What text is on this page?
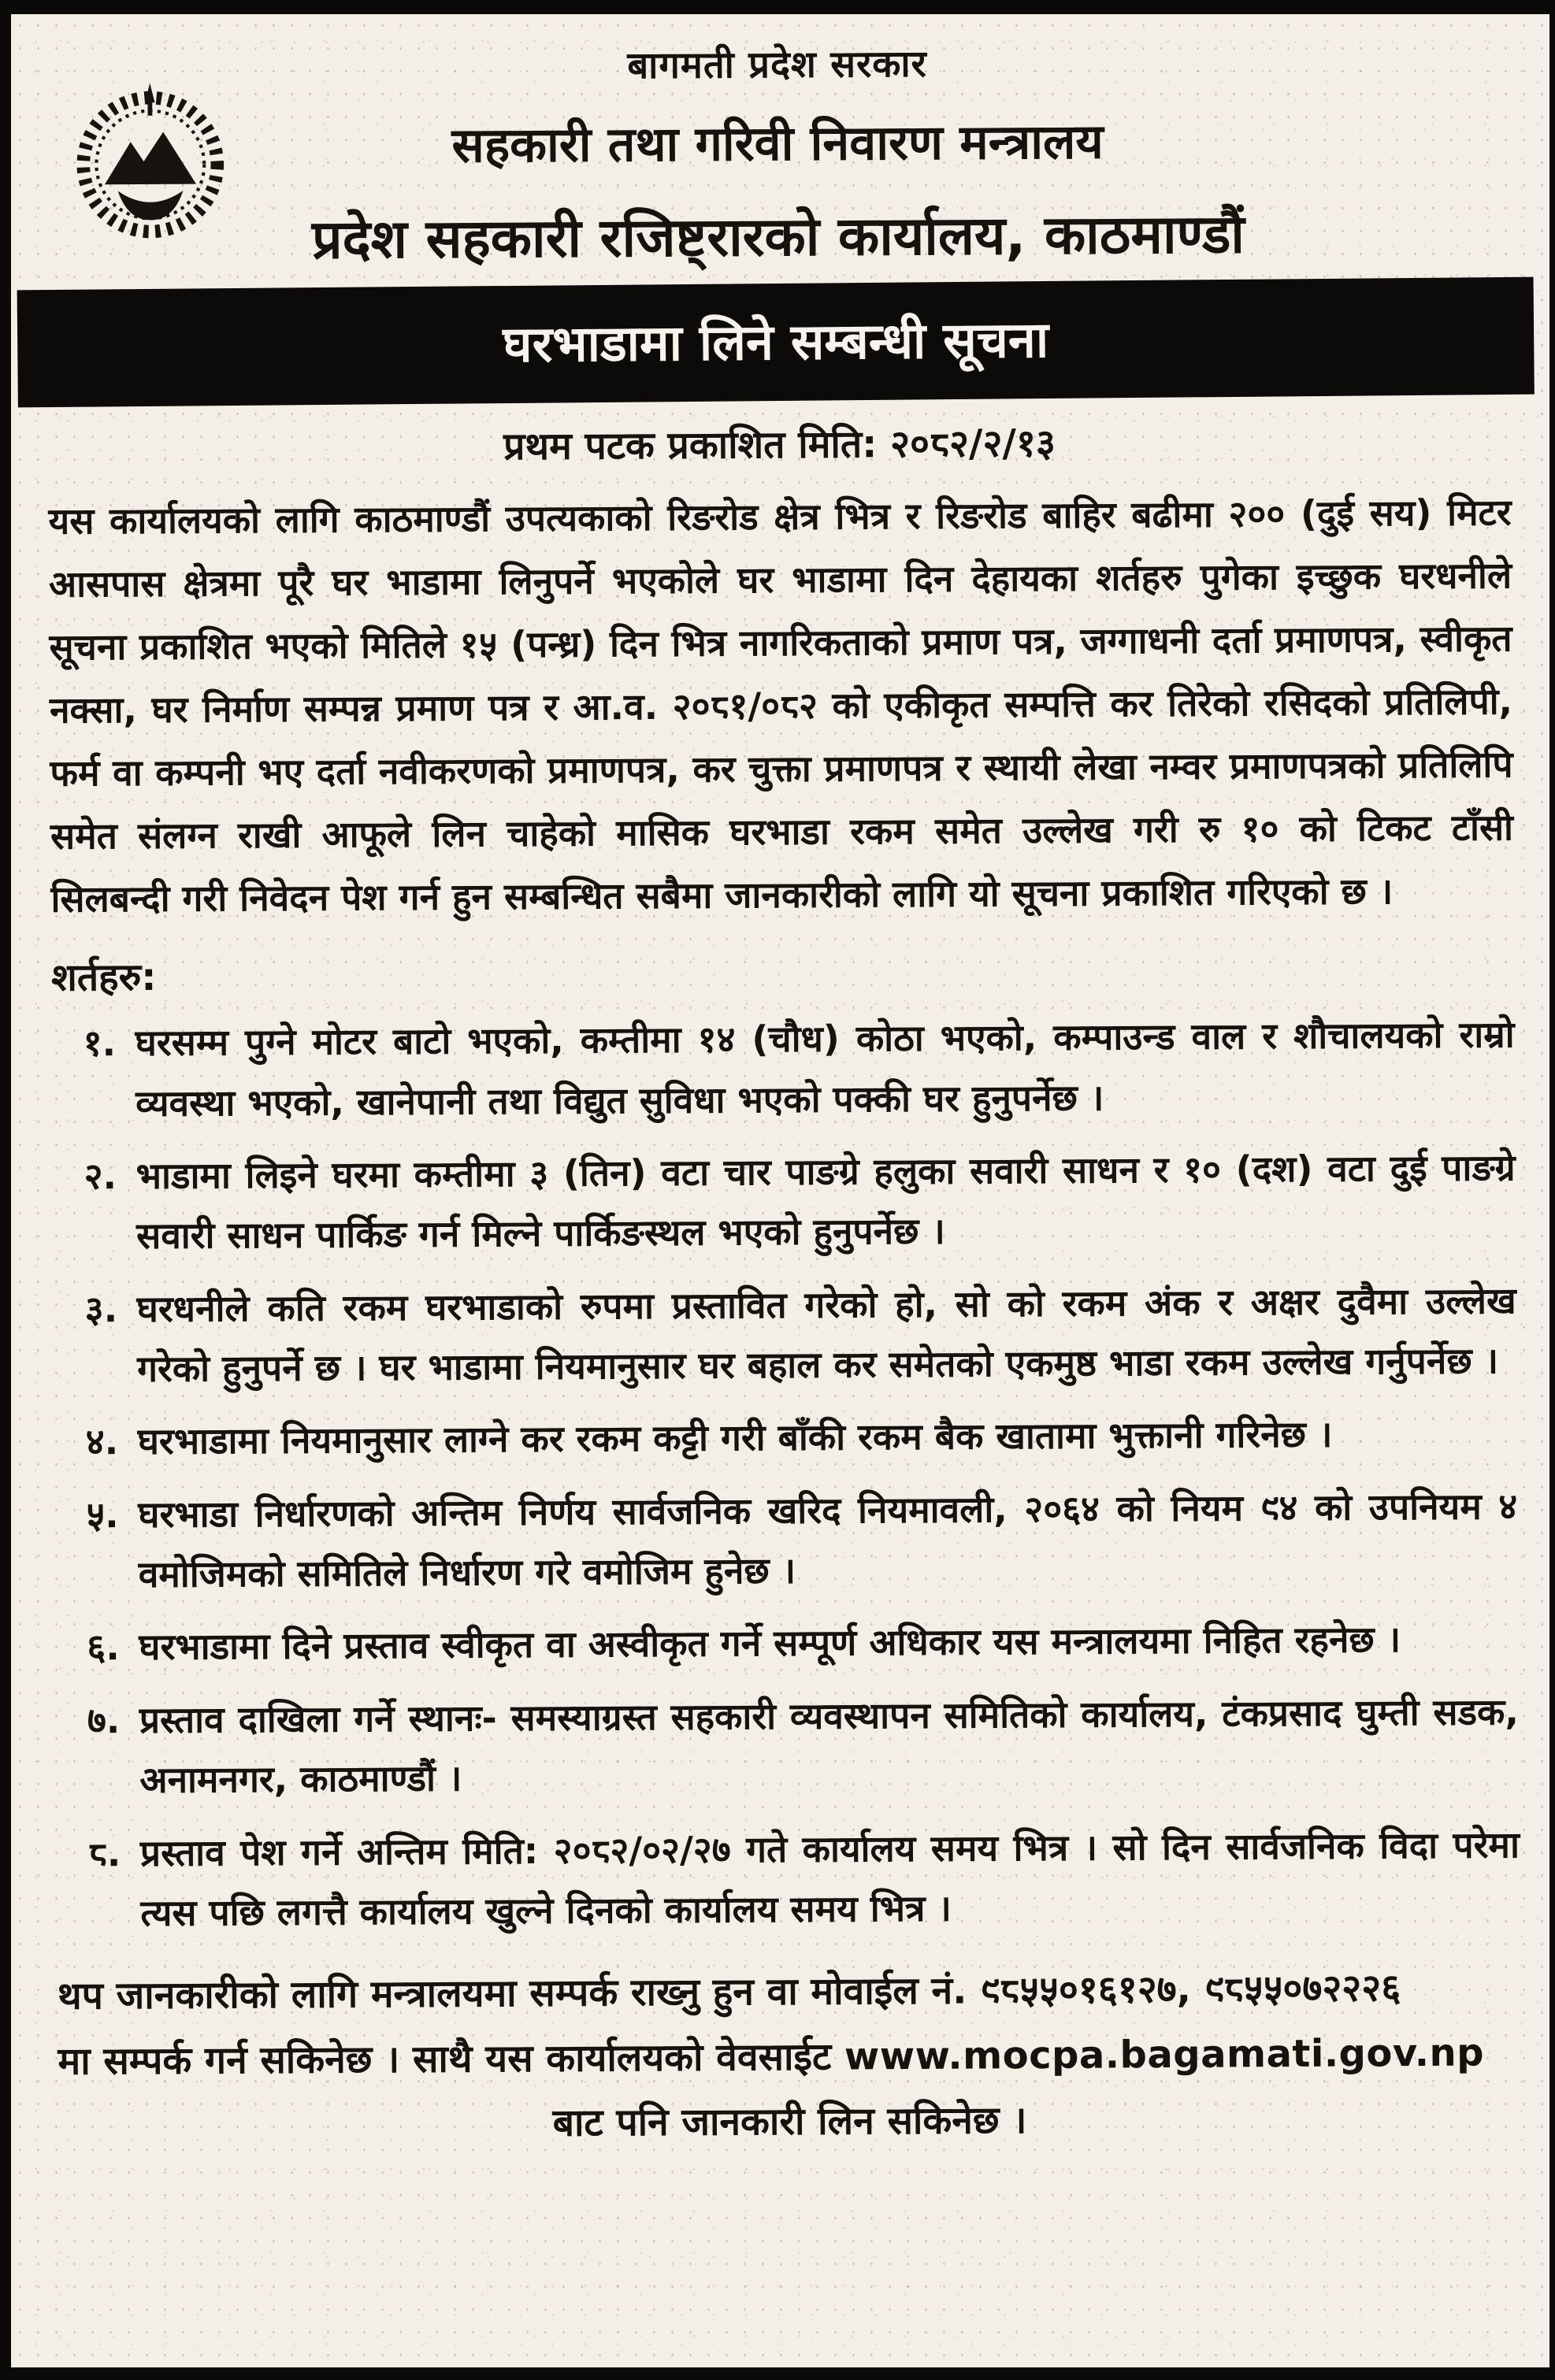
बागमती प्रदेश सरकार
सहकारी तथा गरिवी निवारण मन्त्रालय
प्रदेश सहकारी रजिष्ट्रारको कार्यालय, काठमाण्डौं
घरभाडामा लिने सम्बन्धी सूचना
प्रथम पटक प्रकाशित मिति: २०८२/२/१३
यस कार्यालयको लागि काठमाण्डौं उपत्यकाको रिङरोड क्षेत्र भित्र र रिङरोड बाहिर बढीमा २०० (दुई सय) मिटर आसपास क्षेत्रमा पूरै घर भाडामा लिनुपर्ने भएकोले घर भाडामा दिन देहायका शर्तहरु पुगेका इच्छुक घरधनीले सूचना प्रकाशित भएको मितिले १५ (पन्ध्र) दिन भित्र नागरिकताको प्रमाण पत्र, जग्गाधनी दर्ता प्रमाणपत्र, स्वीकृत नक्सा, घर निर्माण सम्पन्न प्रमाण पत्र र आ.व. २०८१/०८२ को एकीकृत सम्पत्ति कर तिरेको रसिदको प्रतिलिपी, फर्म वा कम्पनी भए दर्ता नवीकरणको प्रमाणपत्र, कर चुक्ता प्रमाणपत्र र स्थायी लेखा नम्वर प्रमाणपत्रको प्रतिलिपि समेत संलग्न राखी आफूले लिन चाहेको मासिक घरभाडा रकम समेत उल्लेख गरी रु १० को टिकट टाँसी सिलबन्दी गरी निवेदन पेश गर्न हुन सम्बन्धित सबैमा जानकारीको लागि यो सूचना प्रकाशित गरिएको छ ।
शर्तहरु:
१. घरसम्म पुग्ने मोटर बाटो भएको, कम्तीमा १४ (चौध) कोठा भएको, कम्पाउन्ड वाल र शौचालयको राम्रो व्यवस्था भएको, खानेपानी तथा विद्युत सुविधा भएको पक्की घर हुनुपर्नेछ ।
२. भाडामा लिइने घरमा कम्तीमा ३ (तिन) वटा चार पाङग्रे हलुका सवारी साधन र १० (दश) वटा दुई पाङग्रे सवारी साधन पार्किङ गर्न मिल्ने पार्किङस्थल भएको हुनुपर्नेछ ।
३. घरधनीले कति रकम घरभाडाको रुपमा प्रस्तावित गरेको हो, सो को रकम अंक र अक्षर दुवैमा उल्लेख गरेको हुनुपर्ने छ । घर भाडामा नियमानुसार घर बहाल कर समेतको एकमुष्ठ भाडा रकम उल्लेख गर्नुपर्नेछ ।
४. घरभाडामा नियमानुसार लाग्ने कर रकम कट्टी गरी बाँकी रकम बैक खातामा भुक्तानी गरिनेछ ।
५. घरभाडा निर्धारणको अन्तिम निर्णय सार्वजनिक खरिद नियमावली, २०६४ को नियम ९४ को उपनियम ४ वमोजिमको समितिले निर्धारण गरे वमोजिम हुनेछ ।
६. घरभाडामा दिने प्रस्ताव स्वीकृत वा अस्वीकृत गर्ने सम्पूर्ण अधिकार यस मन्त्रालयमा निहित रहनेछ ।
७. प्रस्ताव दाखिला गर्ने स्थानः- समस्याग्रस्त सहकारी व्यवस्थापन समितिको कार्यालय, टंकप्रसाद घुम्ती सडक, अनामनगर, काठमाण्डौं ।
८. प्रस्ताव पेश गर्ने अन्तिम मिति: २०८२/०२/२७ गते कार्यालय समय भित्र । सो दिन सार्वजनिक विदा परेमा त्यस पछि लगत्तै कार्यालय खुल्ने दिनको कार्यालय समय भित्र ।
थप जानकारीको लागि मन्त्रालयमा सम्पर्क राख्नु हुन वा मोवाईल नं. ९८५५०१६१२७, ९८५५०७२२२६
मा सम्पर्क गर्न सकिनेछ । साथै यस कार्यालयको वेवसाईट www.mocpa.bagamati.gov.np
बाट पनि जानकारी लिन सकिनेछ ।
